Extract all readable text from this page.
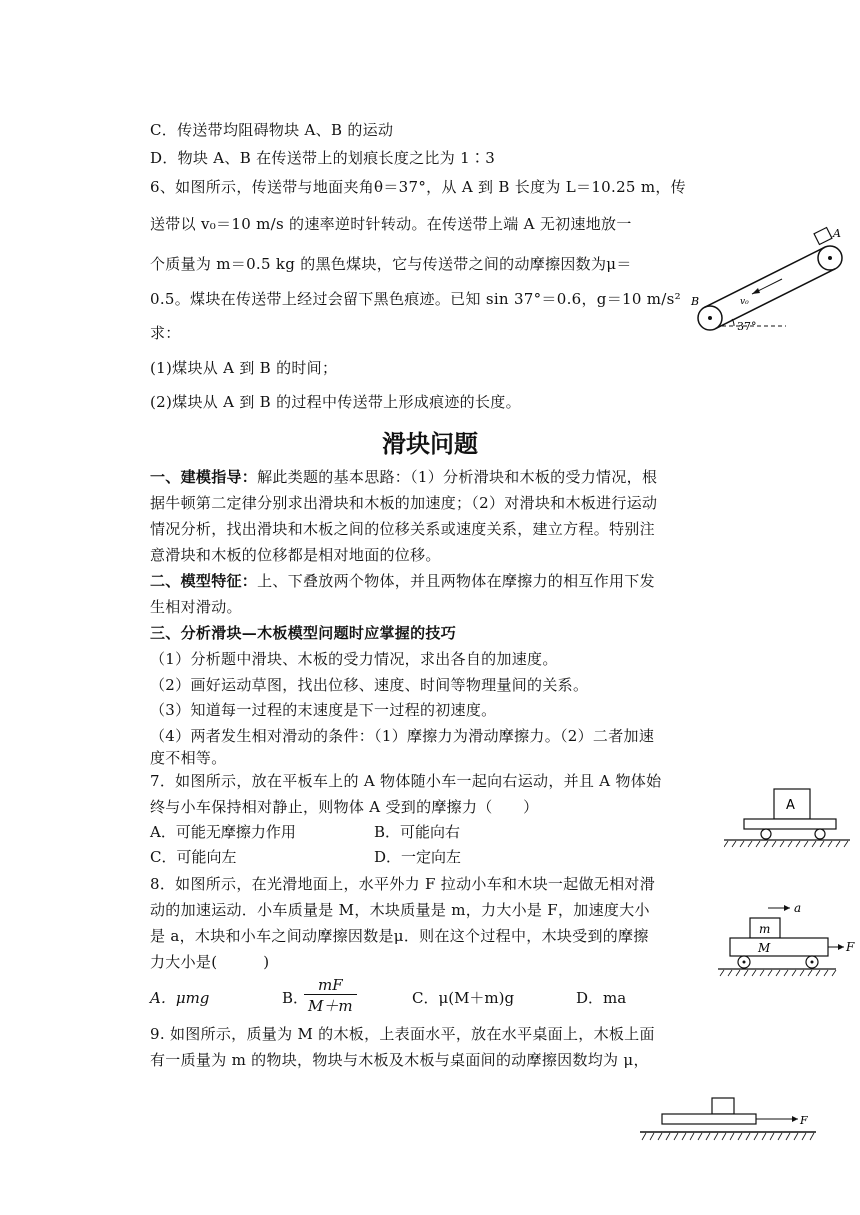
C．传送带均阻碍物块 A、B 的运动
D．物块 A、B 在传送带上的划痕长度之比为 1∶3
6、如图所示，传送带与地面夹角θ＝37°，从 A 到 B 长度为 L＝10.25 m，传
送带以 v₀＝10 m/s 的速率逆时针转动。在传送带上端 A 无初速地放一
个质量为 m＝0.5 kg 的黑色煤块，它与传送带之间的动摩擦因数为μ＝
0.5。煤块在传送带上经过会留下黑色痕迹。已知 sin 37°＝0.6，g＝10 m/s²
求：
(1)煤块从 A 到 B 的时间；
(2)煤块从 A 到 B 的过程中传送带上形成痕迹的长度。
A
B	v₀
37°
滑块问题
一、建模指导：解此类题的基本思路：（1）分析滑块和木板的受力情况，根
据牛顿第二定律分别求出滑块和木板的加速度；（2）对滑块和木板进行运动
情况分析，找出滑块和木板之间的位移关系或速度关系，建立方程。特别注
意滑块和木板的位移都是相对地面的位移。
二、模型特征：上、下叠放两个物体，并且两物体在摩擦力的相互作用下发
生相对滑动。
三、分析滑块—木板模型问题时应掌握的技巧
（1）分析题中滑块、木板的受力情况，求出各自的加速度。
（2）画好运动草图，找出位移、速度、时间等物理量间的关系。
（3）知道每一过程的末速度是下一过程的初速度。
（4）两者发生相对滑动的条件：（1）摩擦力为滑动摩擦力。（2）二者加速
度不相等。
7．如图所示，放在平板车上的 A 物体随小车一起向右运动，并且 A 物体始
终与小车保持相对静止，则物体 A 受到的摩擦力（　　）
A．可能无摩擦力作用	B．可能向右
C．可能向左	D．一定向左
A
8．如图所示，在光滑地面上，水平外力 F 拉动小车和木块一起做无相对滑
动的加速运动．小车质量是 M，木块质量是 m，力大小是 F，加速度大小
是 a，木块和小车之间动摩擦因数是μ．则在这个过程中，木块受到的摩擦
力大小是(　　　)
A．μmg	B．
$\frac{mF}{M+m}$	C．μ(M＋m)g	D．ma
m
a
M	F
9. 如图所示，质量为 M 的木板，上表面水平，放在水平桌面上，木板上面
有一质量为 m 的物块，物块与木板及木板与桌面间的动摩擦因数均为 μ，
F
